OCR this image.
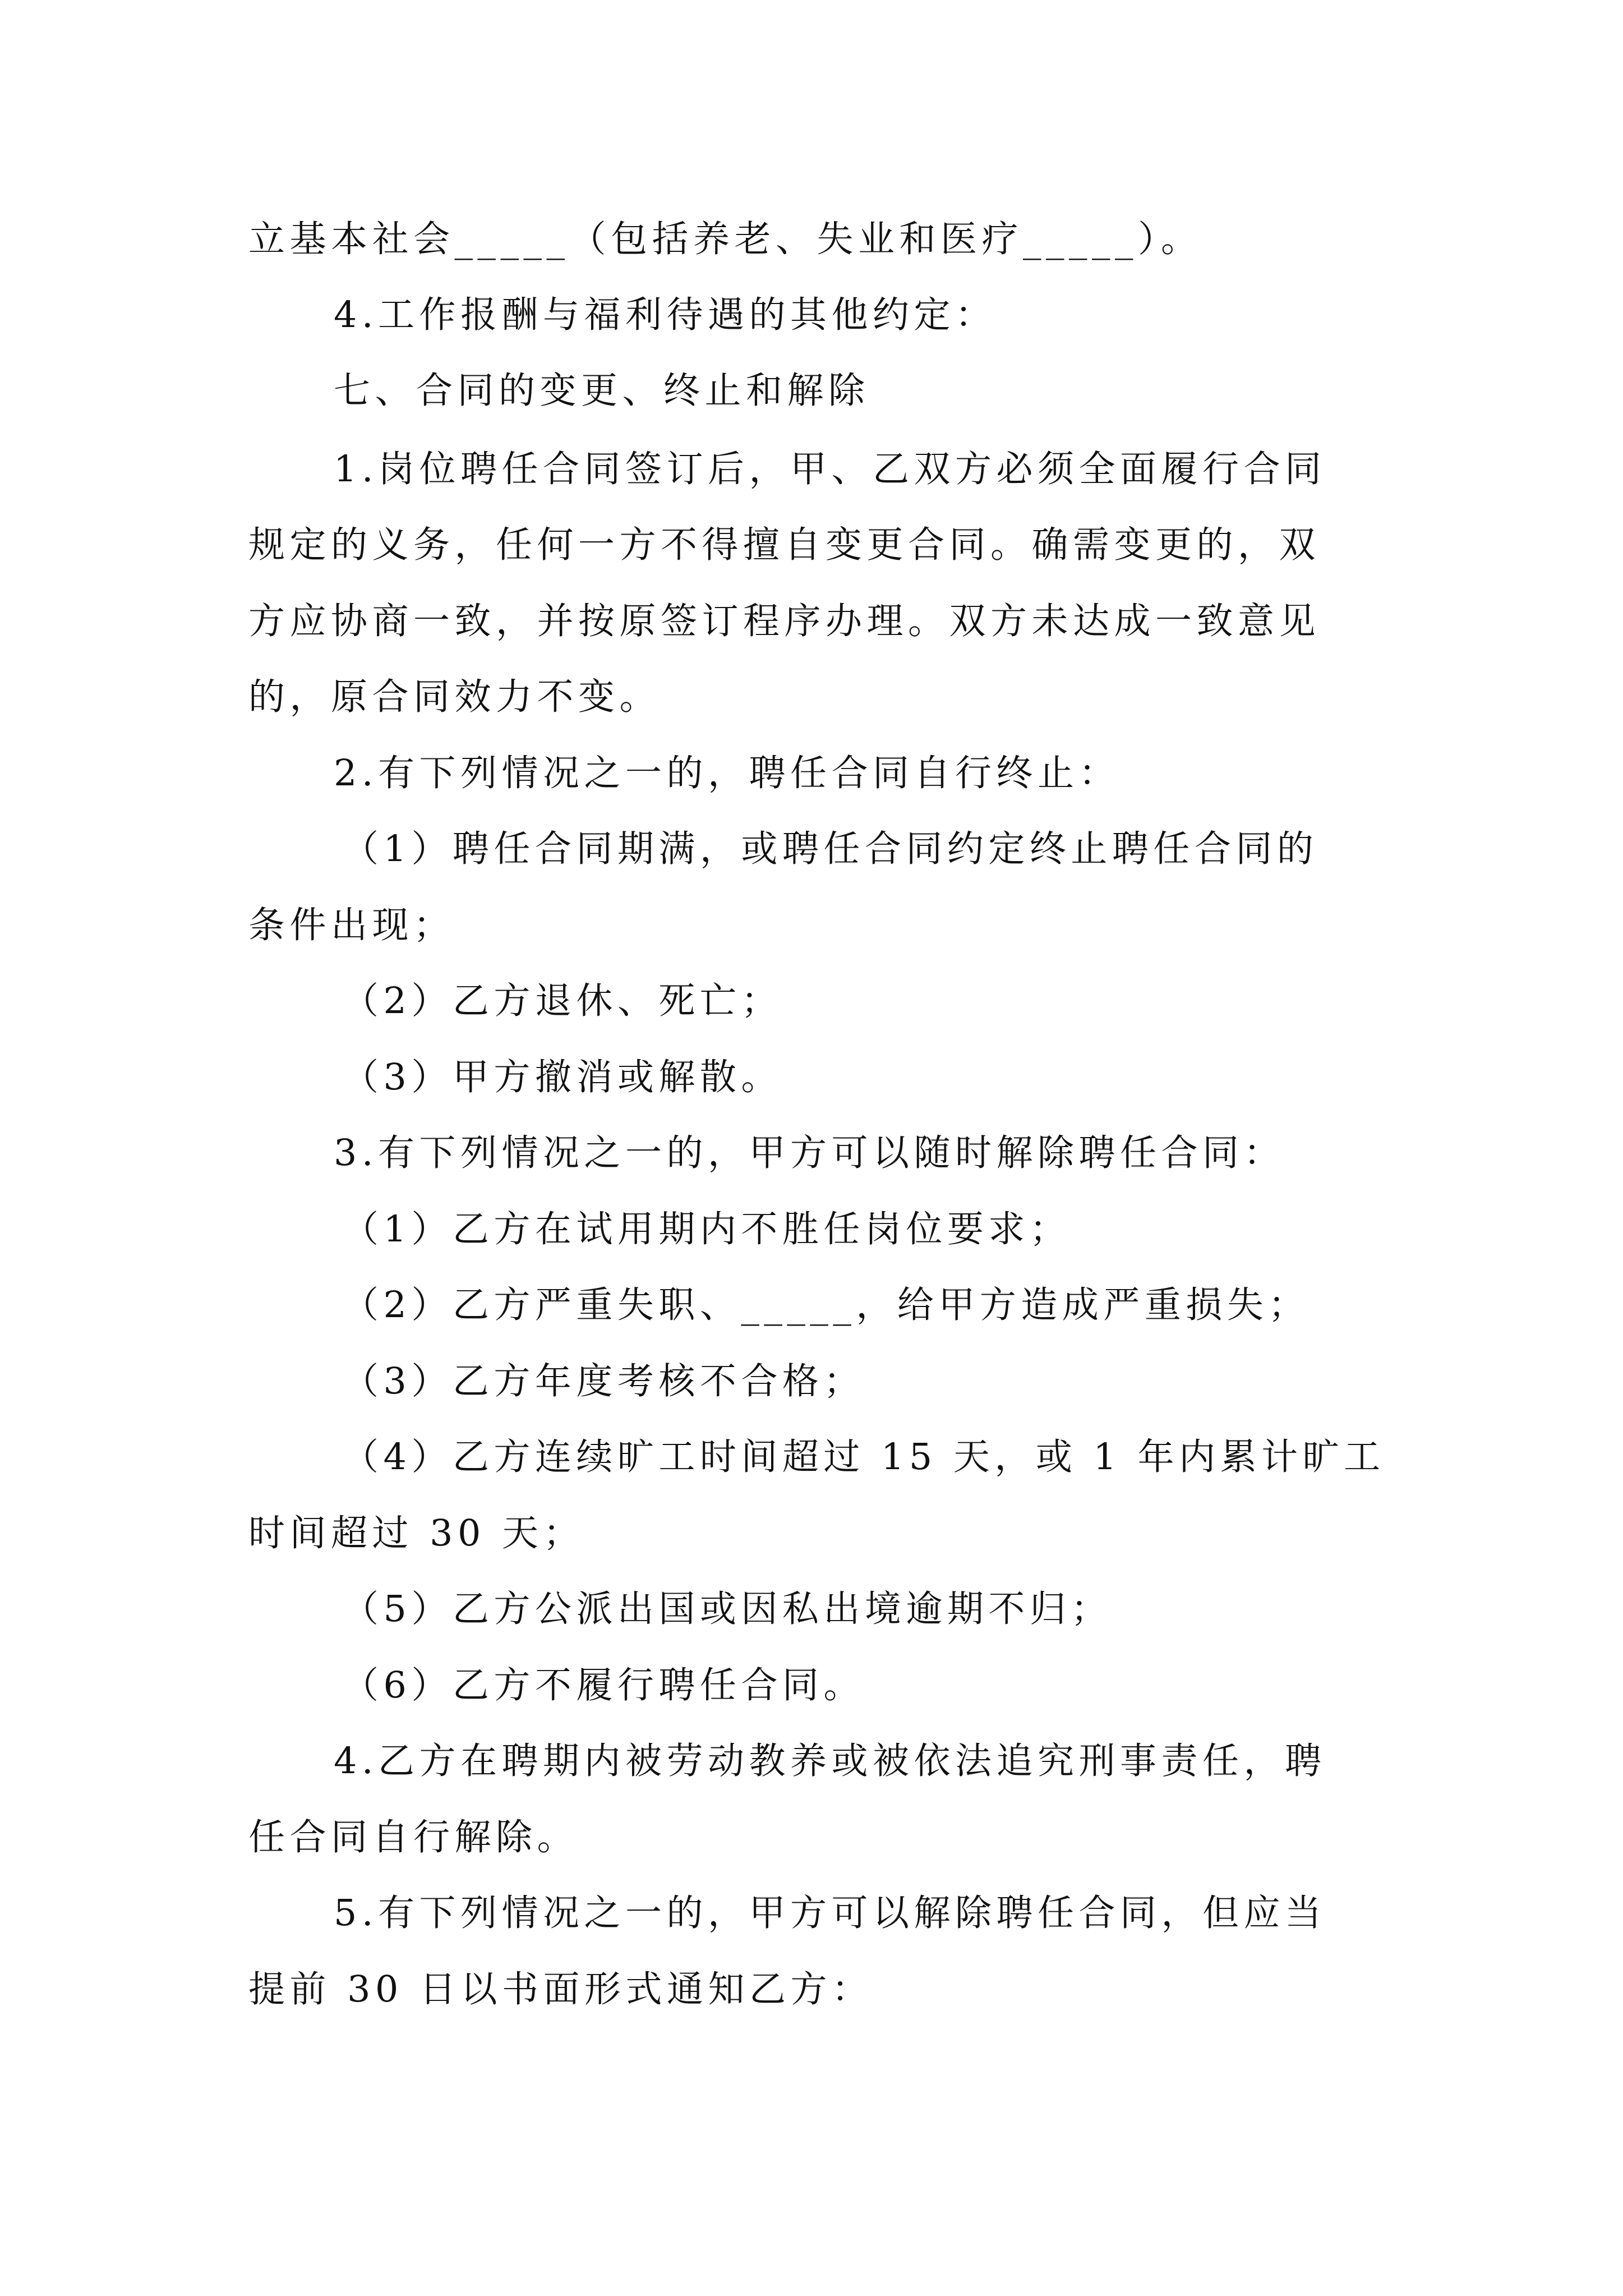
立基本社会_____（包括养老、失业和医疗_____）。
4.工作报酬与福利待遇的其他约定：
七、合同的变更、终止和解除
1.岗位聘任合同签订后，甲、乙双方必须全面履行合同
规定的义务，任何一方不得擅自变更合同。确需变更的，双
方应协商一致，并按原签订程序办理。双方未达成一致意见
的，原合同效力不变。
2.有下列情况之一的，聘任合同自行终止：
（1）聘任合同期满，或聘任合同约定终止聘任合同的
条件出现；
（2）乙方退休、死亡；
（3）甲方撤消或解散。
3.有下列情况之一的，甲方可以随时解除聘任合同：
（1）乙方在试用期内不胜任岗位要求；
（2）乙方严重失职、_____，给甲方造成严重损失；
（3）乙方年度考核不合格；
（4）乙方连续旷工时间超过 15 天，或 1 年内累计旷工
时间超过 30 天；
（5）乙方公派出国或因私出境逾期不归；
（6）乙方不履行聘任合同。
4.乙方在聘期内被劳动教养或被依法追究刑事责任，聘
任合同自行解除。
5.有下列情况之一的，甲方可以解除聘任合同，但应当
提前 30 日以书面形式通知乙方：
